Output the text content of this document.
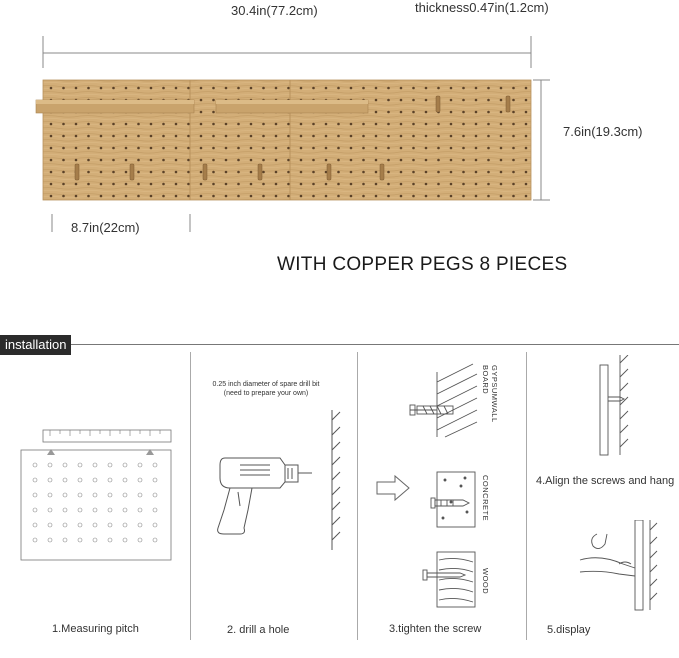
30.4in(77.2cm)	thickness0.47in(1.2cm)
7.6in(19.3cm)
8.7in(22cm)
WITH COPPER PEGS 8 PIECES
installation
1.Measuring pitch
0.25 inch diameter of spare drill bit
(need to prepare your own)
2. drill a hole
GYPSUMWALL BOARD
CONCRETE
WOOD
3.tighten the screw
4.Align the screws and hang
5.display
